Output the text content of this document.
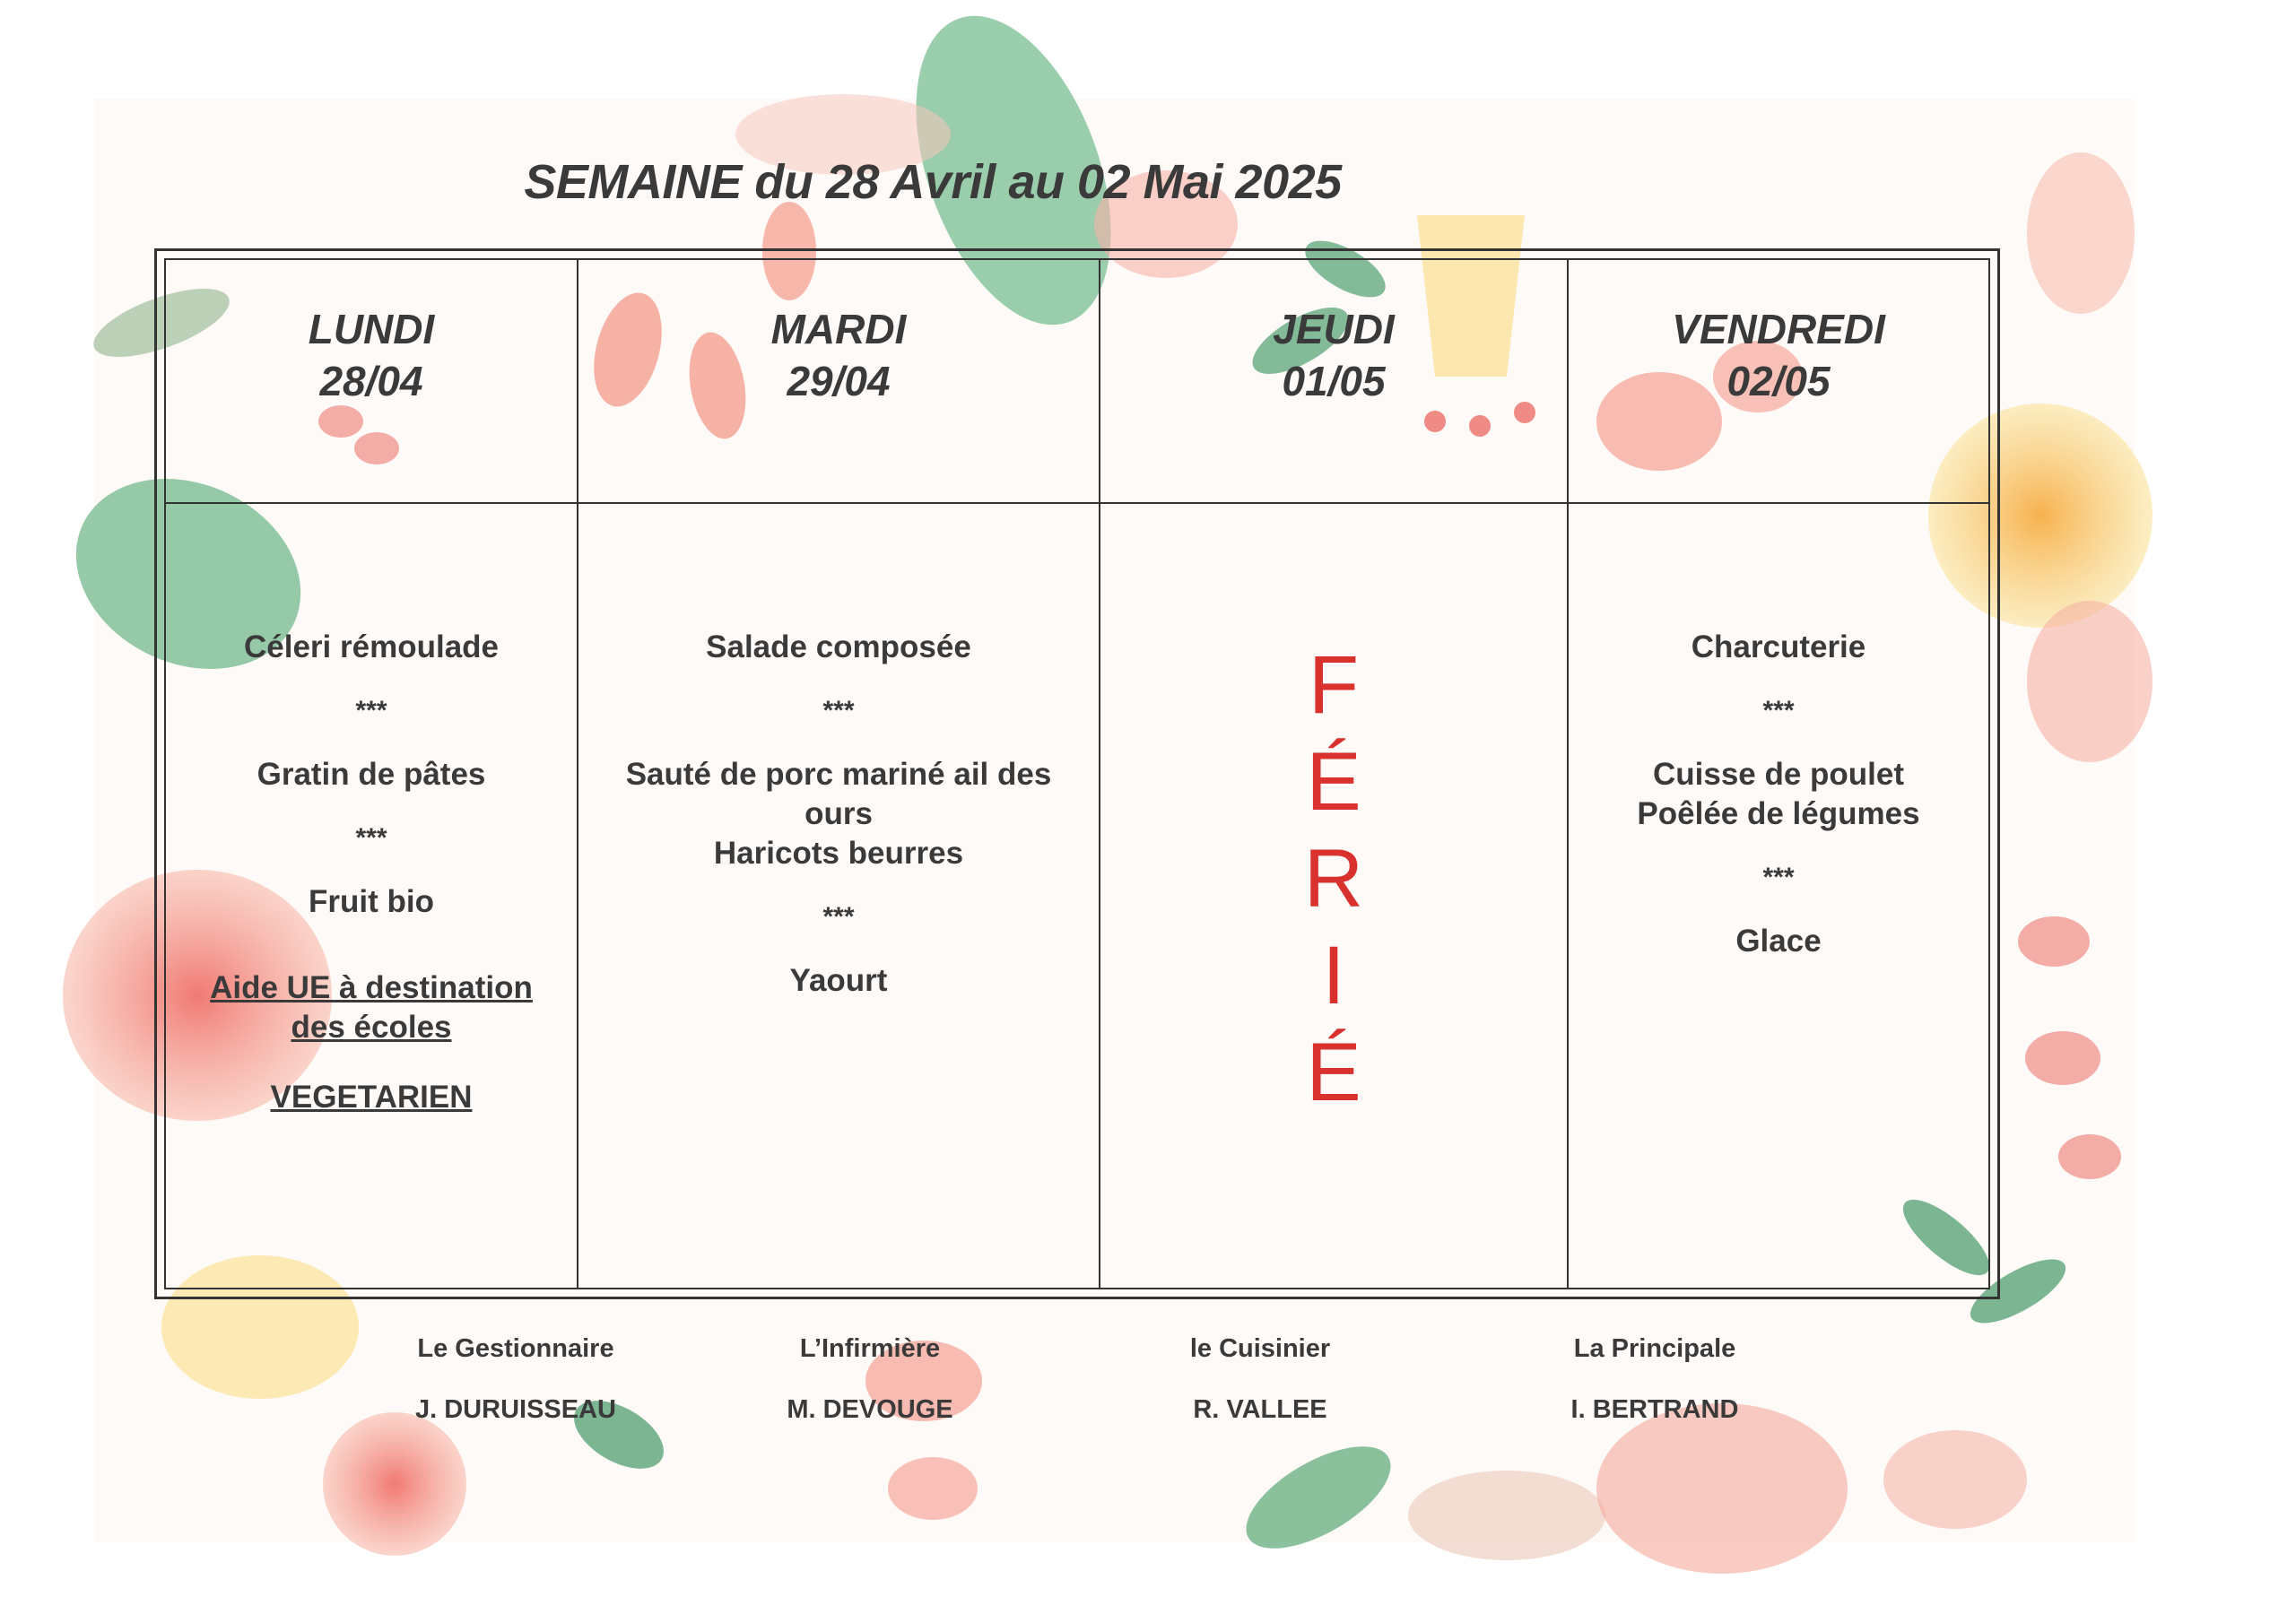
SEMAINE du 28 Avril au 02 Mai 2025
LUNDI
28/04
MARDI
29/04
JEUDI
01/05
VENDREDI
02/05
Céleri rémoulade
***
Gratin de pâtes
***
Fruit bio
Aide UE à destination
des écoles
VEGETARIEN
Salade composée
***
Sauté de porc mariné ail des
ours
Haricots beurres
***
Yaourt
F
É
R
I
É
Charcuterie
***
Cuisse de poulet
Poêlée de légumes
***
Glace
Le Gestionnaire
J. DURUISSEAU
L’Infirmière
M. DEVOUGE
le Cuisinier
R. VALLEE
La Principale
I. BERTRAND
